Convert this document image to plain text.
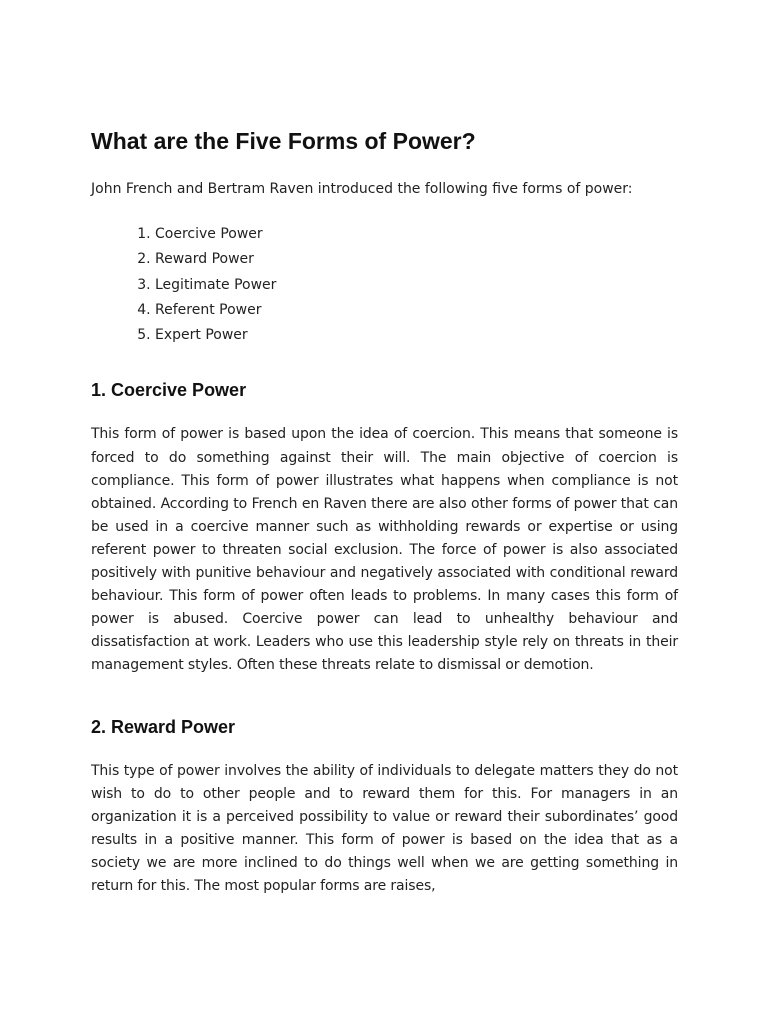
What are the Five Forms of Power?

John French and Bertram Raven introduced the following five forms of power:

1. Coercive Power
2. Reward Power
3. Legitimate Power
4. Referent Power
5. Expert Power
1. Coercive Power

This form of power is based upon the idea of coercion. This means that someone is forced to do something against their will. The main objective of coercion is compliance. This form of power illustrates what happens when compliance is not obtained. According to French en Raven there are also other forms of power that can be used in a coercive manner such as withholding rewards or expertise or using referent power to threaten social exclusion. The force of power is also associated positively with punitive behaviour and negatively associated with conditional reward behaviour. This form of power often leads to problems. In many cases this form of power is abused. Coercive power can lead to unhealthy behaviour and dissatisfaction at work. Leaders who use this leadership style rely on threats in their management styles. Often these threats relate to dismissal or demotion.

2. Reward Power

This type of power involves the ability of individuals to delegate matters they do not wish to do to other people and to reward them for this. For managers in an organization it is a perceived possibility to value or reward their subordinates’ good results in a positive manner. This form of power is based on the idea that as a society we are more inclined to do things well when we are getting something in return for this. The most popular forms are raises,
